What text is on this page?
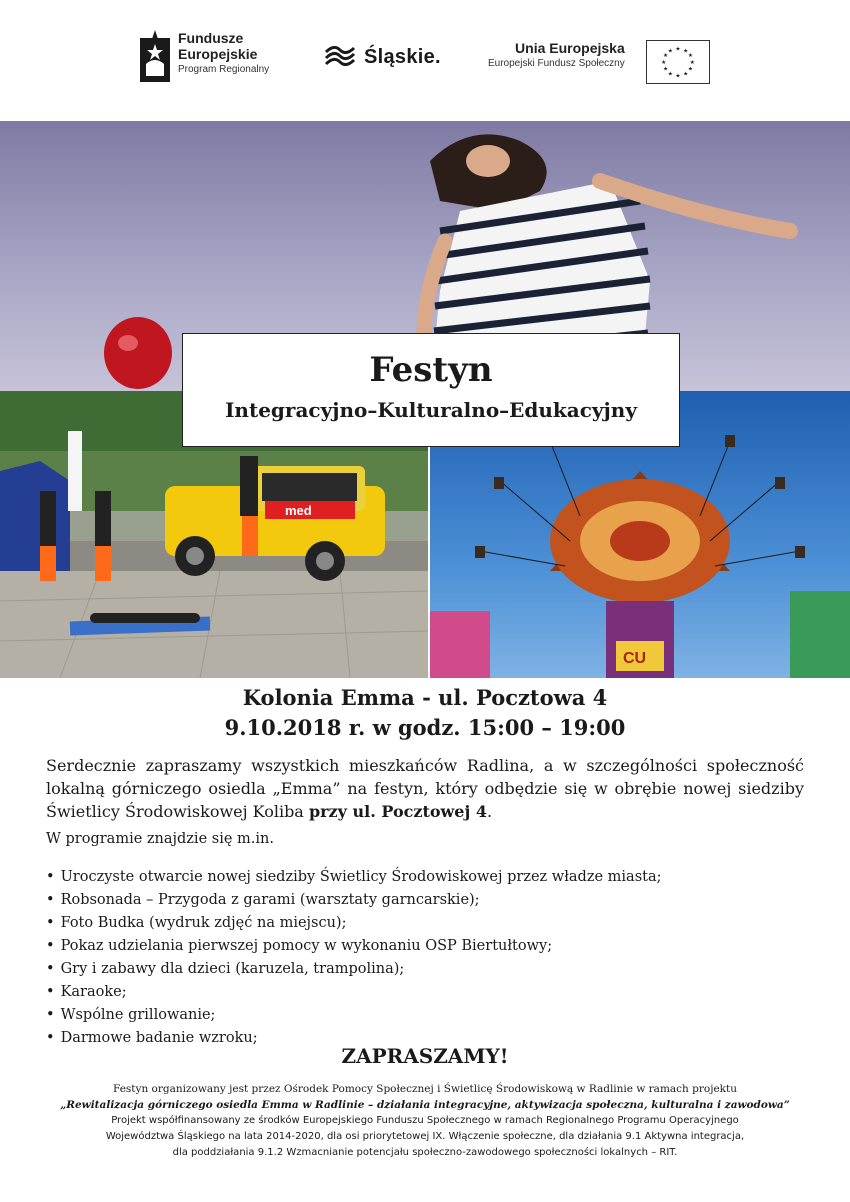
Fundusze
Europejskie
Program Regionalny
Śląskie.	Unia Europejska
Europejski Fundusz Społeczny
★ ★
★
★
★
★
★
★
★
★
★
★
med
CU
Festyn
Integracyjno–Kulturalno–Edukacyjny
Kolonia Emma - ul. Pocztowa 4
9.10.2018 r. w godz. 15:00 – 19:00
Serdecznie zapraszamy wszystkich mieszkańców Radlina, a w szczególności społeczność lokalną górniczego osiedla „Emma” na festyn, który odbędzie się w obrębie nowej siedziby Świetlicy Środowiskowej Koliba przy ul. Pocztowej 4.
W programie znajdzie się m.in.
• Uroczyste otwarcie nowej siedziby Świetlicy Środowiskowej przez władze miasta;
• Robsonada – Przygoda z garami (warsztaty garncarskie);
• Foto Budka (wydruk zdjęć na miejscu);
• Pokaz udzielania pierwszej pomocy w wykonaniu OSP Biertułtowy;
• Gry i zabawy dla dzieci (karuzela, trampolina);
• Karaoke;
• Wspólne grillowanie;
• Darmowe badanie wzroku;
ZAPRASZAMY!
Festyn organizowany jest przez Ośrodek Pomocy Społecznej i Świetlicę Środowiskową w Radlinie w ramach projektu
„Rewitalizacja górniczego osiedla Emma w Radlinie – działania integracyjne, aktywizacja społeczna, kulturalna i zawodowa”
Projekt współfinansowany ze środków Europejskiego Funduszu Społecznego w ramach Regionalnego Programu Operacyjnego
Województwa Śląskiego na lata 2014-2020, dla osi priorytetowej IX. Włączenie społeczne, dla działania 9.1 Aktywna integracja,
dla poddziałania 9.1.2 Wzmacnianie potencjału społeczno-zawodowego społeczności lokalnych – RIT.
